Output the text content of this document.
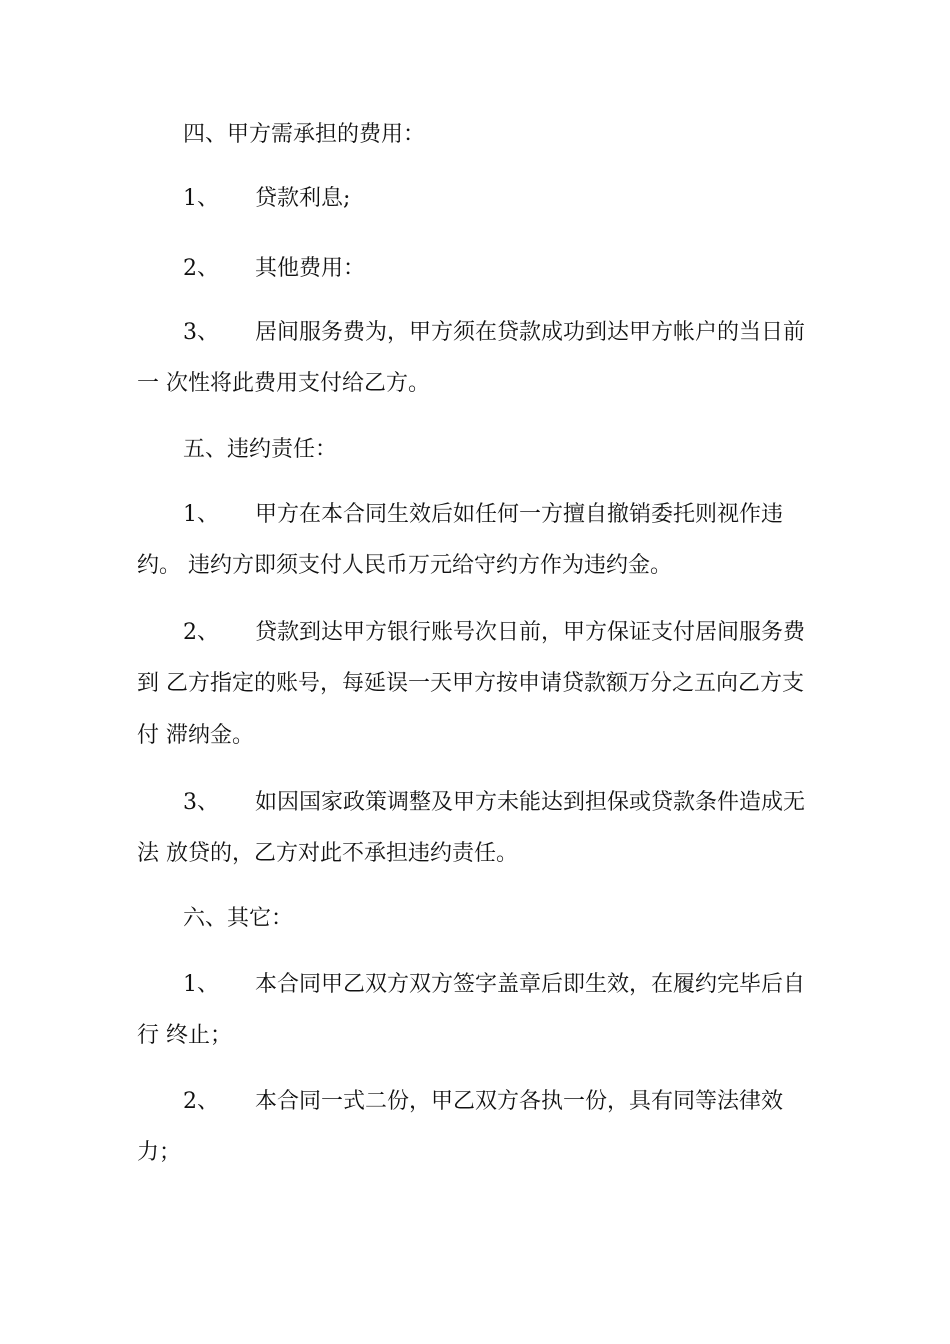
四、甲方需承担的费用：
1、 贷款利息;
2、 其他费用：
3、 居间服务费为，甲方须在贷款成功到达甲方帐户的当日前
一 次性将此费用支付给乙方。
五、违约责任：
1、 甲方在本合同生效后如任何一方擅自撤销委托则视作违
约。 违约方即须支付人民币万元给守约方作为违约金。
2、 贷款到达甲方银行账号次日前，甲方保证支付居间服务费
到 乙方指定的账号，每延误一天甲方按申请贷款额万分之五向乙方支
付 滞纳金。
3、 如因国家政策调整及甲方未能达到担保或贷款条件造成无
法 放贷的，乙方对此不承担违约责任。
六、其它：
1、 本合同甲乙双方双方签字盖章后即生效，在履约完毕后自
行 终止；
2、 本合同一式二份，甲乙双方各执一份，具有同等法律效
力；
